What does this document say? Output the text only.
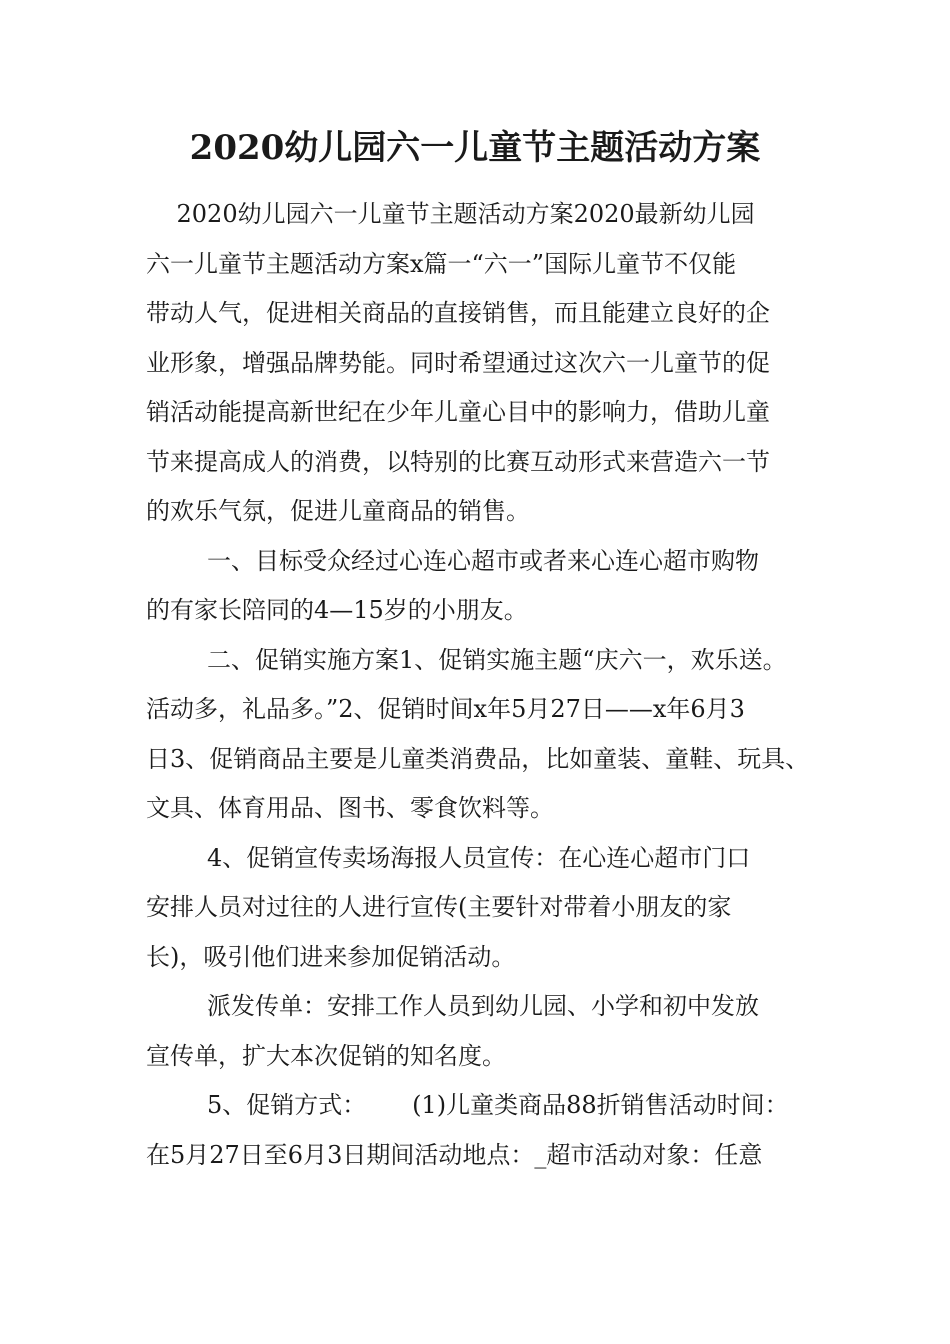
2020幼儿园六一儿童节主题活动方案
2020幼儿园六一儿童节主题活动方案2020最新幼儿园
六一儿童节主题活动方案x篇一“六一”国际儿童节不仅能
带动人气，促进相关商品的直接销售，而且能建立良好的企
业形象，增强品牌势能。同时希望通过这次六一儿童节的促
销活动能提高新世纪在少年儿童心目中的影响力，借助儿童
节来提高成人的消费，以特别的比赛互动形式来营造六一节
的欢乐气氛，促进儿童商品的销售。
一、目标受众经过心连心超市或者来心连心超市购物
的有家长陪同的4—15岁的小朋友。
二、促销实施方案1、促销实施主题“庆六一，欢乐送。
活动多，礼品多。”2、促销时间x年5月27日——x年6月3
日3、促销商品主要是儿童类消费品，比如童装、童鞋、玩具、
文具、体育用品、图书、零食饮料等。
4、促销宣传卖场海报人员宣传：在心连心超市门口
安排人员对过往的人进行宣传(主要针对带着小朋友的家
长)，吸引他们进来参加促销活动。
派发传单：安排工作人员到幼儿园、小学和初中发放
宣传单，扩大本次促销的知名度。
5、促销方式：      (1)儿童类商品88折销售活动时间：
在5月27日至6月3日期间活动地点：_超市活动对象：任意
